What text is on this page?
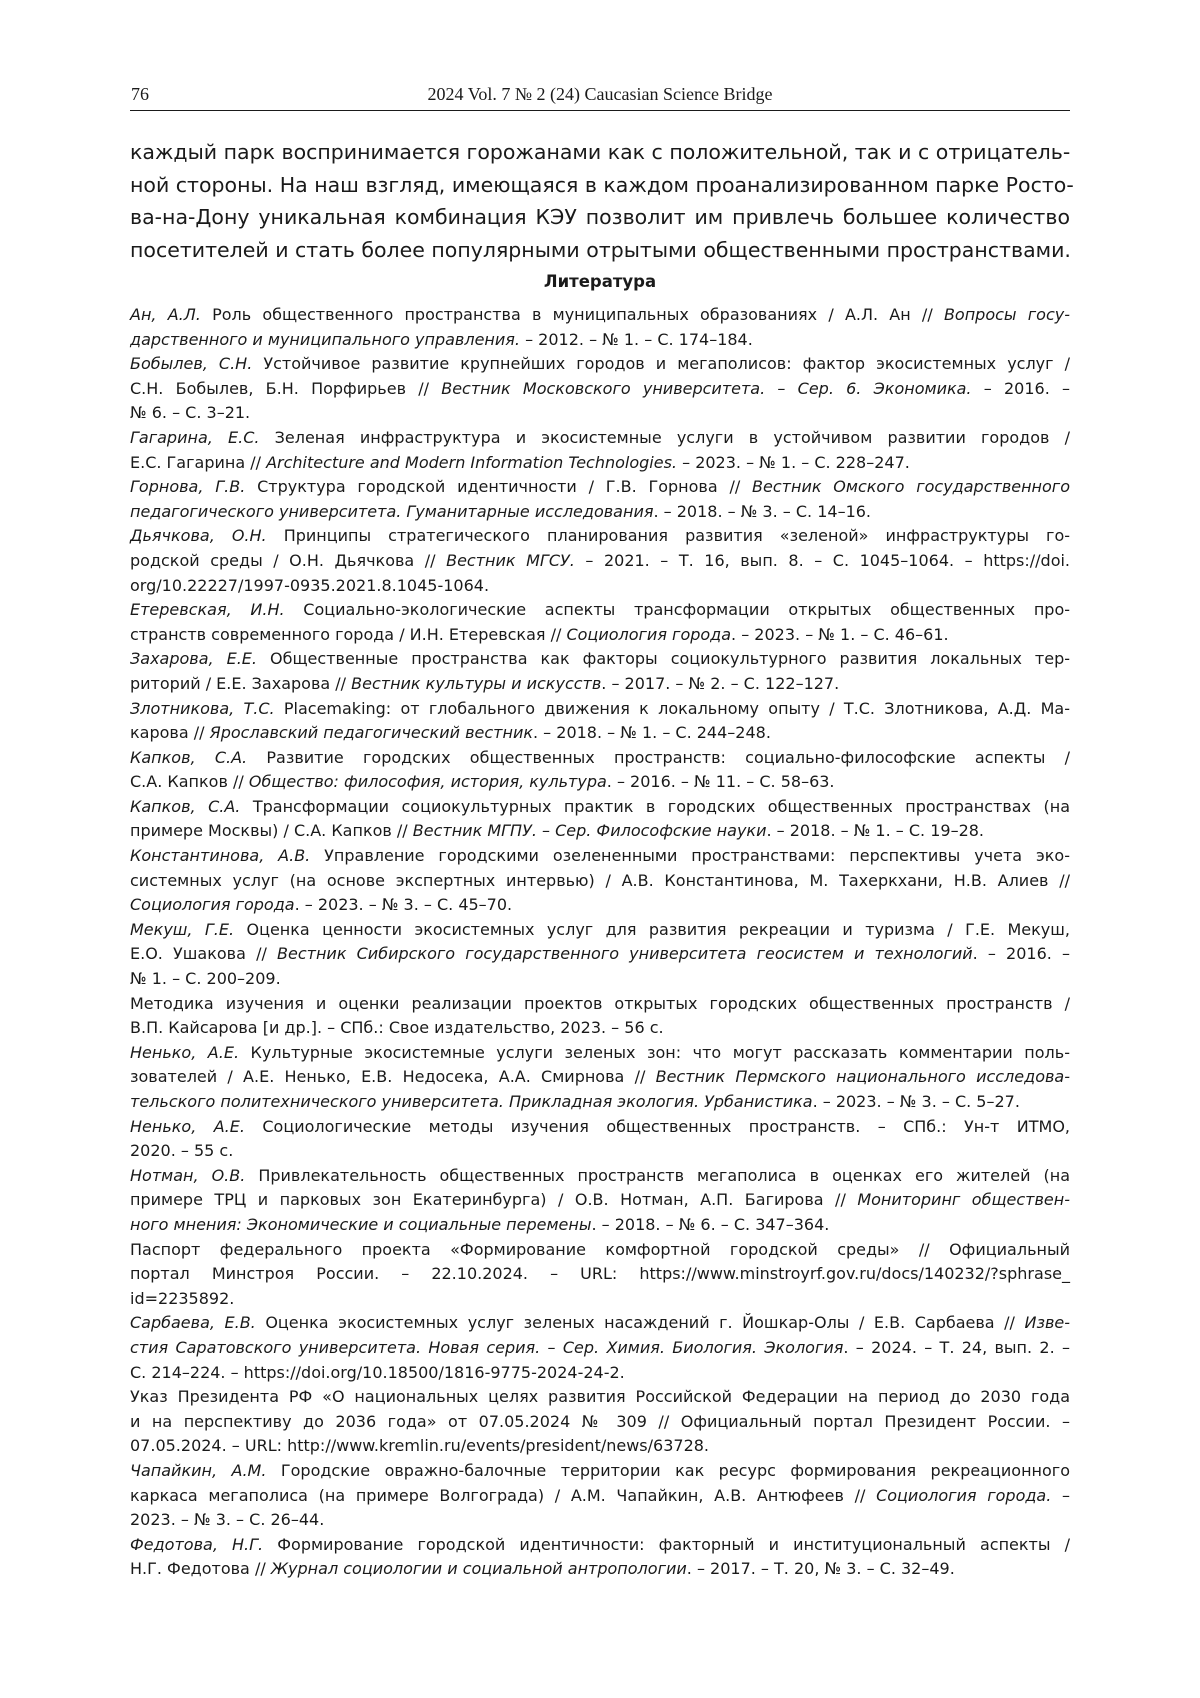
76	2024 Vol. 7 № 2 (24) Caucasian Science Bridge
каждый парк воспринимается горожанами как с положительной, так и с отрицатель-
ной стороны. На наш взгляд, имеющаяся в каждом проанализированном парке Росто-
ва-на-Дону уникальная комбинация КЭУ позволит им привлечь большее количество
посетителей и стать более популярными отрытыми общественными пространствами.
Литература
Ан, А.Л. Роль общественного пространства в муниципальных образованиях / А.Л. Ан // Вопросы госу-
дарственного и муниципального управления. – 2012. – № 1. – С. 174–184.
Бобылев, С.Н. Устойчивое развитие крупнейших городов и мегаполисов: фактор экосистемных услуг /
С.Н. Бобылев, Б.Н. Порфирьев // Вестник Московского университета. – Сер. 6. Экономика. – 2016. –
№ 6. – С. 3–21.
Гагарина, Е.С. Зеленая инфраструктура и экосистемные услуги в устойчивом развитии городов /
Е.С. Гагарина // Architecture and Modern Information Technologies. – 2023. – № 1. – С. 228–247.
Горнова, Г.В. Структура городской идентичности / Г.В. Горнова // Вестник Омского государственного
педагогического университета. Гуманитарные исследования. – 2018. – № 3. – С. 14–16.
Дьячкова, О.Н. Принципы стратегического планирования развития «зеленой» инфраструктуры го-
родской среды / О.Н. Дьячкова // Вестник МГСУ. – 2021. – Т. 16, вып. 8. – С. 1045–1064. – https://doi.
org/10.22227/1997-0935.2021.8.1045-1064.
Етеревская, И.Н. Социально-экологические аспекты трансформации открытых общественных про-
странств современного города / И.Н. Етеревская // Социология города. – 2023. – № 1. – С. 46–61.
Захарова, Е.Е. Общественные пространства как факторы социокультурного развития локальных тер-
риторий / Е.Е. Захарова // Вестник культуры и искусств. – 2017. – № 2. – С. 122–127.
Злотникова, Т.С. Placemaking: от глобального движения к локальному опыту / Т.С. Злотникова, А.Д. Ма-
карова // Ярославский педагогический вестник. – 2018. – № 1. – С. 244–248.
Капков, С.А. Развитие городских общественных пространств: социально-философские аспекты /
С.А. Капков // Общество: философия, история, культура. – 2016. – № 11. – С. 58–63.
Капков, С.А. Трансформации социокультурных практик в городских общественных пространствах (на
примере Москвы) / С.А. Капков // Вестник МГПУ. – Сер. Философские науки. – 2018. – № 1. – С. 19–28.
Константинова, А.В. Управление городскими озелененными пространствами: перспективы учета эко-
системных услуг (на основе экспертных интервью) / А.В. Константинова, М. Тахеркхани, Н.В. Алиев //
Социология города. – 2023. – № 3. – С. 45–70.
Мекуш, Г.Е. Оценка ценности экосистемных услуг для развития рекреации и туризма / Г.Е. Мекуш,
Е.О. Ушакова // Вестник Сибирского государственного университета геосистем и технологий. – 2016. –
№ 1. – С. 200–209.
Методика изучения и оценки реализации проектов открытых городских общественных пространств /
В.П. Кайсарова [и др.]. – СПб.: Свое издательство, 2023. – 56 с.
Ненько, А.Е. Культурные экосистемные услуги зеленых зон: что могут рассказать комментарии поль-
зователей / А.Е. Ненько, Е.В. Недосека, А.А. Смирнова // Вестник Пермского национального исследова-
тельского политехнического университета. Прикладная экология. Урбанистика. – 2023. – № 3. – С. 5–27.
Ненько, А.Е. Социологические методы изучения общественных пространств. – СПб.: Ун-т ИТМО,
2020. – 55 с.
Нотман, О.В. Привлекательность общественных пространств мегаполиса в оценках его жителей (на
примере ТРЦ и парковых зон Екатеринбурга) / О.В. Нотман, А.П. Багирова // Мониторинг обществен-
ного мнения: Экономические и социальные перемены. – 2018. – № 6. – С. 347–364.
Паспорт федерального проекта «Формирование комфортной городской среды» // Официальный
портал Минстроя России. – 22.10.2024. – URL: https://www.minstroyrf.gov.ru/docs/140232/?sphrase_
id=2235892.
Сарбаева, Е.В. Оценка экосистемных услуг зеленых насаждений г. Йошкар-Олы / Е.В. Сарбаева // Изве-
стия Саратовского университета. Новая серия. – Сер. Химия. Биология. Экология. – 2024. – Т. 24, вып. 2. –
С. 214–224. – https://doi.org/10.18500/1816-9775-2024-24-2.
Указ Президента РФ «О национальных целях развития Российской Федерации на период до 2030 года
и на перспективу до 2036 года» от 07.05.2024 № 309 // Официальный портал Президент России. –
07.05.2024. – URL: http://www.kremlin.ru/events/president/news/63728.
Чапайкин, А.М. Городские овражно-балочные территории как ресурс формирования рекреационного
каркаса мегаполиса (на примере Волгограда) / А.М. Чапайкин, А.В. Антюфеев // Социология города. –
2023. – № 3. – С. 26–44.
Федотова, Н.Г. Формирование городской идентичности: факторный и институциональный аспекты /
Н.Г. Федотова // Журнал социологии и социальной антропологии. – 2017. – Т. 20, № 3. – С. 32–49.
